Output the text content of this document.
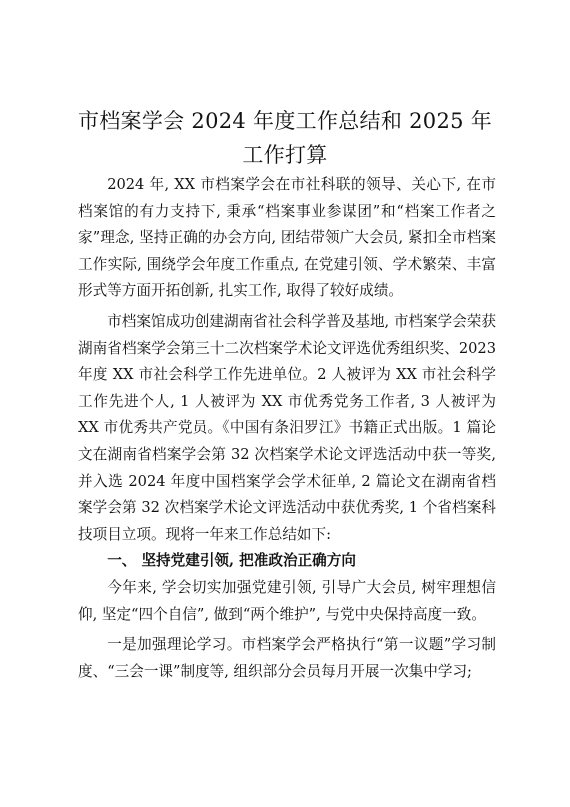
市档案学会 2024 年度工作总结和 2025 年工作打算

2024 年, XX 市档案学会在市社科联的领导、关心下, 在市档案馆的有力支持下, 秉承“档案事业参谋团”和“档案工作者之家”理念, 坚持正确的办会方向, 团结带领广大会员, 紧扣全市档案工作实际, 围绕学会年度工作重点, 在党建引领、学术繁荣、丰富形式等方面开拓创新, 扎实工作, 取得了较好成绩。

市档案馆成功创建湖南省社会科学普及基地, 市档案学会荣获湖南省档案学会第三十二次档案学术论文评选优秀组织奖、2023 年度 XX 市社会科学工作先进单位。2 人被评为 XX 市社会科学工作先进个人, 1 人被评为 XX 市优秀党务工作者, 3 人被评为 XX 市优秀共产党员。《中国有条汨罗江》书籍正式出版。1 篇论文在湖南省档案学会第 32 次档案学术论文评选活动中获一等奖, 并入选 2024 年度中国档案学会学术征单, 2 篇论文在湖南省档案学会第 32 次档案学术论文评选活动中获优秀奖, 1 个省档案科技项目立项。现将一年来工作总结如下:

一、 坚持党建引领, 把准政治正确方向

今年来, 学会切实加强党建引领, 引导广大会员, 树牢理想信仰, 坚定“四个自信”, 做到“两个维护”, 与党中央保持高度一致。

一是加强理论学习。市档案学会严格执行“第一议题”学习制度、“三会一课”制度等, 组织部分会员每月开展一次集中学习;
